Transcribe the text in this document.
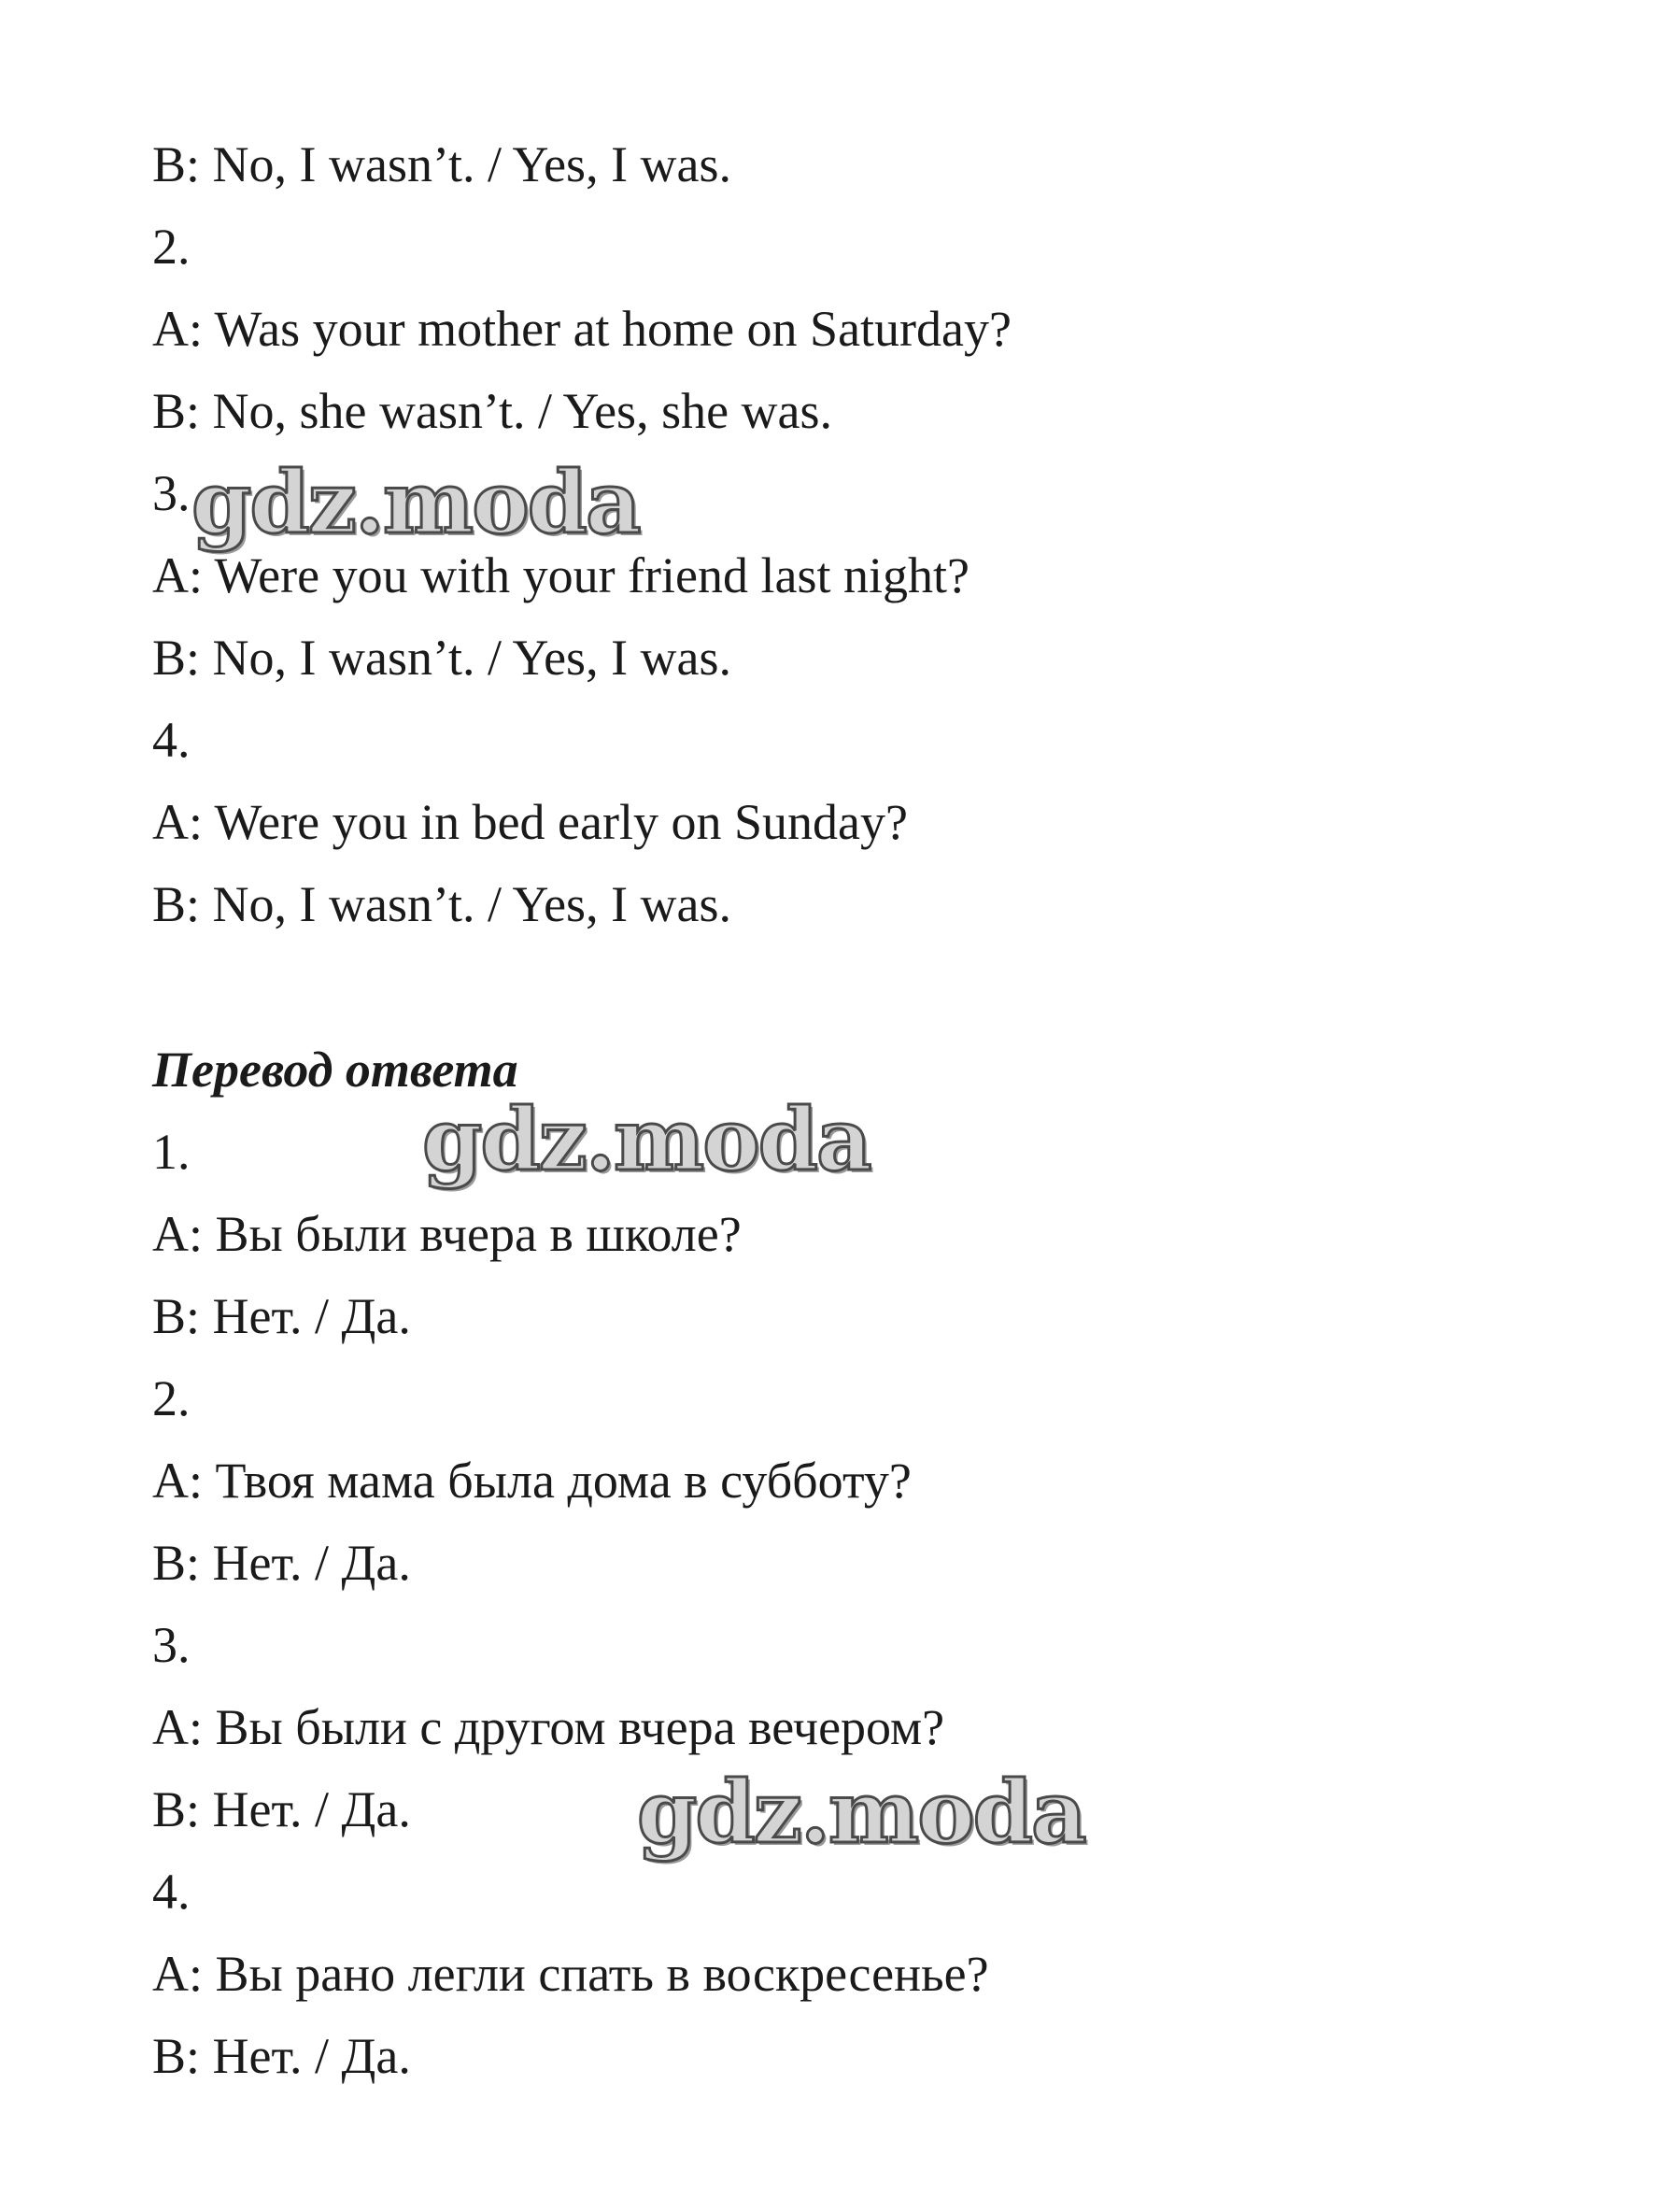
B: No, I wasn’t. / Yes, I was.
2.
A: Was your mother at home on Saturday?
B: No, she wasn’t. / Yes, she was.
3.
A: Were you with your friend last night?
B: No, I wasn’t. / Yes, I was.
4.
A: Were you in bed early on Sunday?
B: No, I wasn’t. / Yes, I was.
Перевод ответа
1.
A: Вы были вчера в школе?
B: Нет. / Да.
2.
A: Твоя мама была дома в субботу?
B: Нет. / Да.
3.
A: Вы были с другом вчера вечером?
B: Нет. / Да.
4.
A: Вы рано легли спать в воскресенье?
B: Нет. / Да.
gdz.moda
gdz.moda
gdz.moda
